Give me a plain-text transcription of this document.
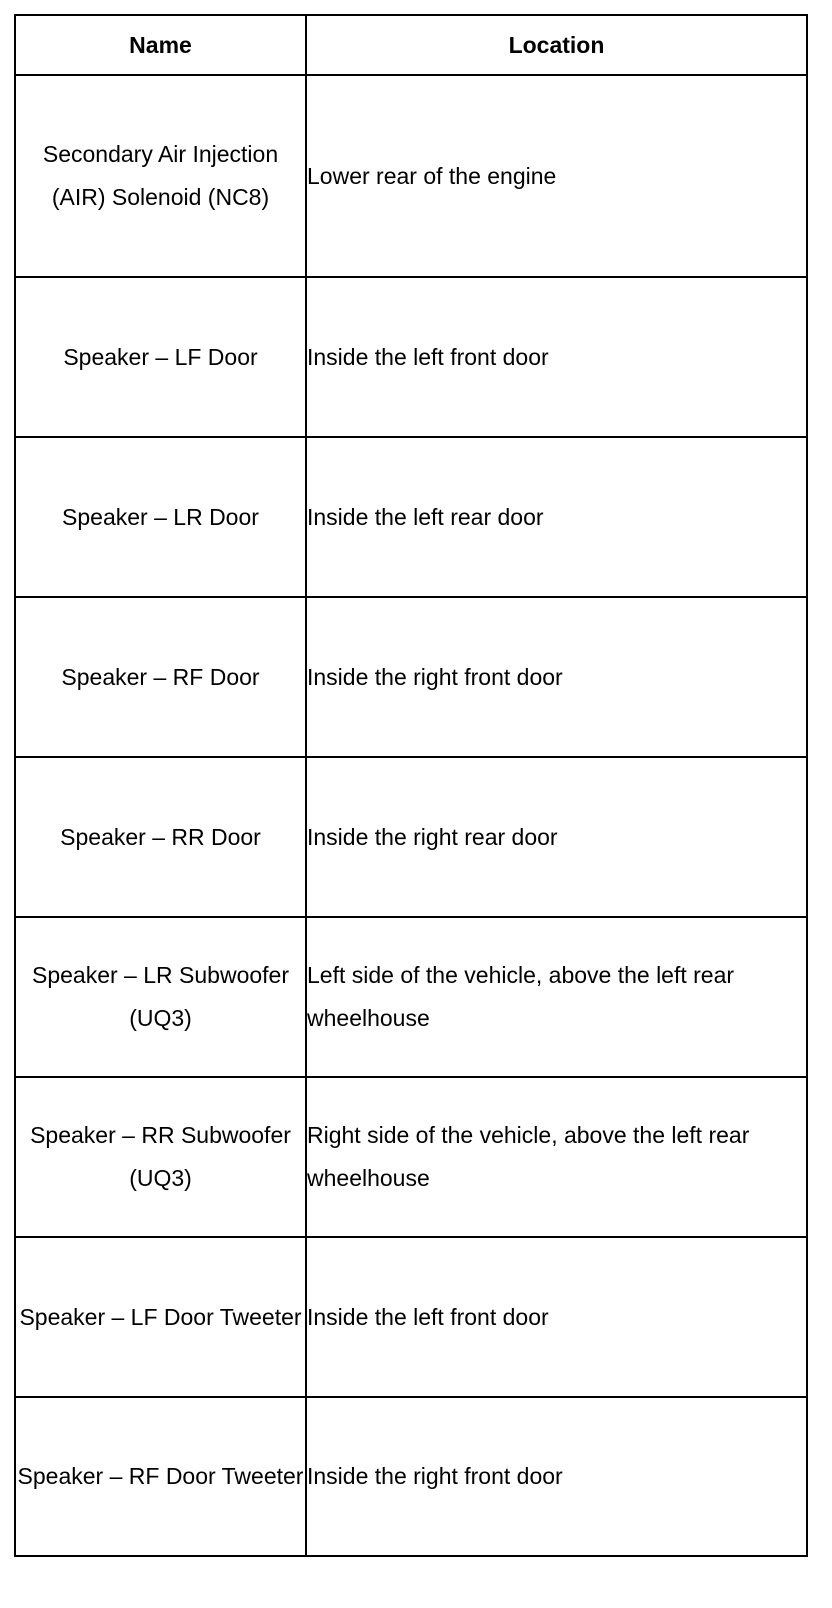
Name	Location
Secondary Air Injection (AIR) Solenoid (NC8)	Lower rear of the engine
Speaker – LF Door	Inside the left front door
Speaker – LR Door	Inside the left rear door
Speaker – RF Door	Inside the right front door
Speaker – RR Door	Inside the right rear door
Speaker – LR Subwoofer (UQ3)	Left side of the vehicle, above the left rear wheelhouse
Speaker – RR Subwoofer (UQ3)	Right side of the vehicle, above the left rear wheelhouse
Speaker – LF Door Tweeter	Inside the left front door
Speaker – RF Door Tweeter	Inside the right front door
